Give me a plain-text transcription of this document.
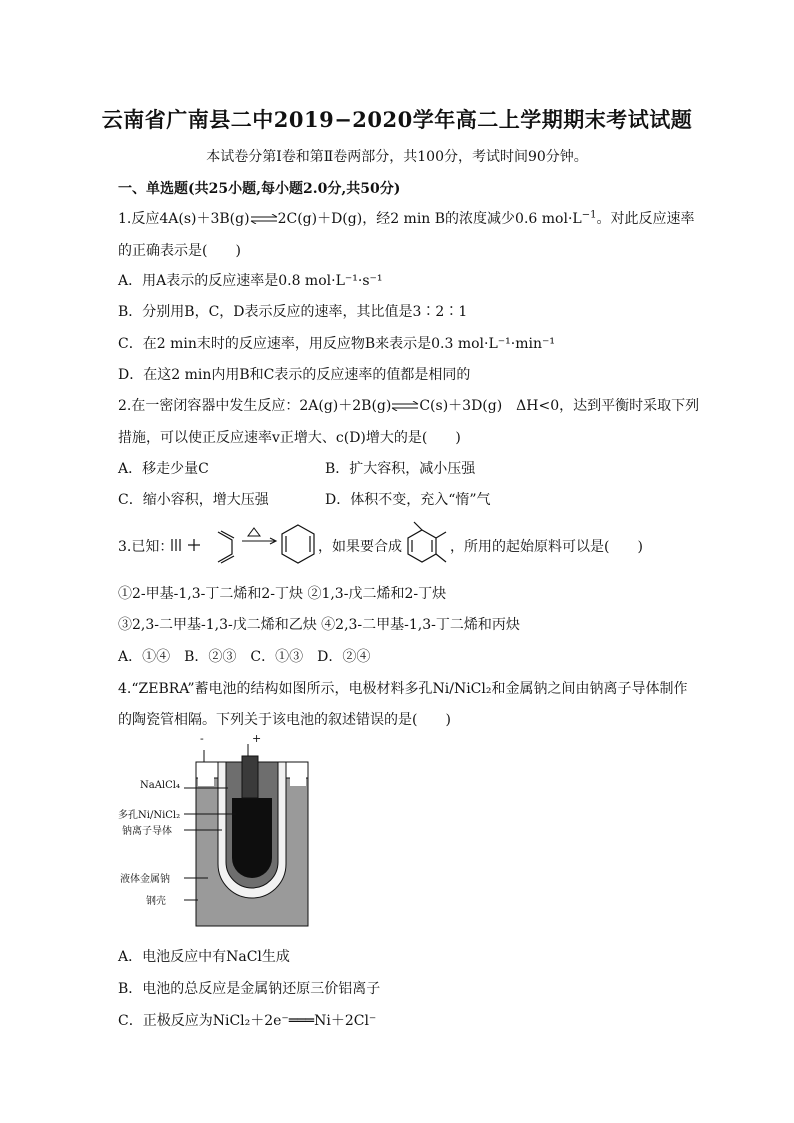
云南省广南县二中2019−2020学年高二上学期期末考试试题
本试卷分第Ⅰ卷和第Ⅱ卷两部分，共100分，考试时间90分钟。
一、单选题(共25小题,每小题2.0分,共50分)
1.反应4A(s)＋3B(g)⇌2C(g)＋D(g)，经2 min B的浓度减少0.6 $mol\cdot L^{-1}$。对此反应速率
的正确表示是(　　)
A．用A表示的反应速率是0.8 mol·L⁻¹·s⁻¹
B．分别用B，C，D表示反应的速率，其比值是3∶2∶1
C．在2 min末时的反应速率，用反应物B来表示是0.3 mol·L⁻¹·min⁻¹
D．在这2 min内用B和C表示的反应速率的值都是相同的
2.在一密闭容器中发生反应：2A(g)＋2B(g)⇌C(s)＋3D(g)　ΔH<0，达到平衡时采取下列
措施，可以使正反应速率v正增大、c(D)增大的是(　　)
A．移走少量C	B．扩大容积，减小压强
C．缩小容积，增大压强	D．体积不变，充入“惰”气
3.已知：	，如果要合成	，所用的起始原料可以是(　　)
①2-甲基-1,3-丁二烯和2-丁炔 ②1,3-戊二烯和2-丁炔
③2,3-二甲基-1,3-戊二烯和乙炔 ④2,3-二甲基-1,3-丁二烯和丙炔
A．①④　B．②③　C．①③　D．②④
4.“ZEBRA”蓄电池的结构如图所示，电极材料多孔Ni/NiCl₂和金属钠之间由钠离子导体制作
的陶瓷管相隔。下列关于该电池的叙述错误的是(　　)
-	+
NaAlCl₄
多孔Ni/NiCl₂
钠离子导体
液体金属钠
钢壳
A．电池反应中有NaCl生成
B．电池的总反应是金属钠还原三价铝离子
C．正极反应为NiCl₂＋2e⁻═══Ni＋2Cl⁻
